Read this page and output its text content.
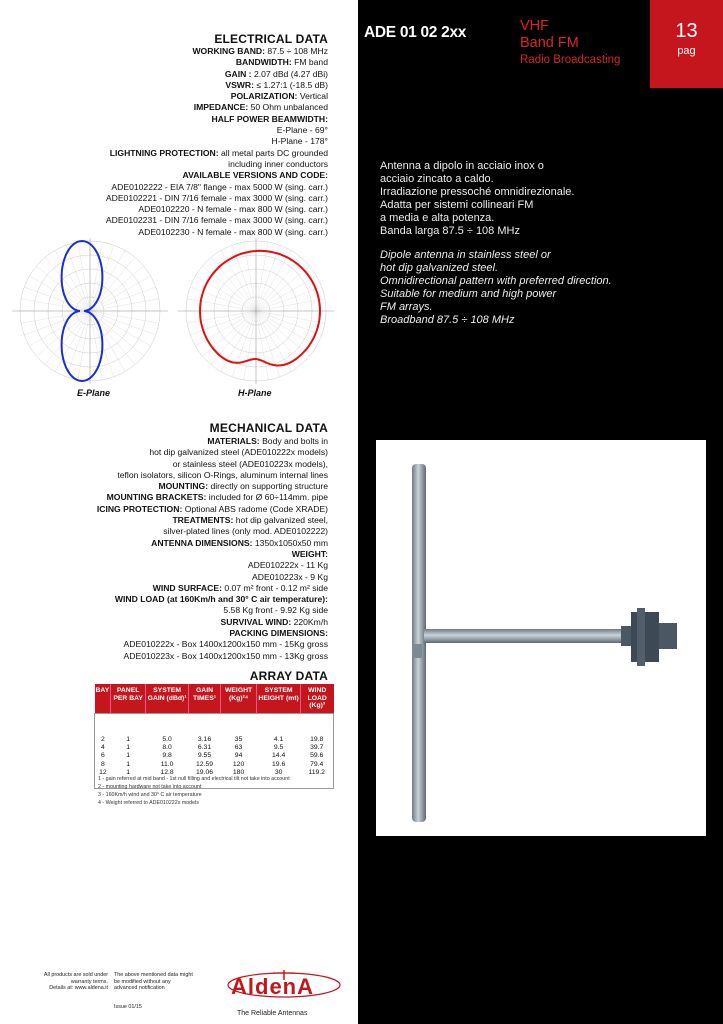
ELECTRICAL DATA
WORKING BAND: 87.5 ÷ 108 MHz
BANDWIDTH: FM band
GAIN : 2.07 dBd (4.27 dBi)
VSWR: ≤ 1.27:1 (-18.5 dB)
POLARIZATION: Vertical
IMPEDANCE: 50 Ohm unbalanced
HALF POWER BEAMWIDTH:
E-Plane - 69°
H-Plane - 178°
LIGHTNING PROTECTION: all metal parts DC grounded
including inner conductors
AVAILABLE VERSIONS AND CODE:
ADE0102222 - EIA 7/8" flange - max 5000 W (sing. carr.)
ADE0102221 - DIN 7/16 female - max 3000 W (sing. carr.)
ADE0102220 - N female - max 800 W (sing. carr.)
ADE0102231 - DIN 7/16 female - max 3000 W (sing. carr.)
ADE0102230 - N female - max 800 W (sing. carr.)
E-Plane	H-Plane
MECHANICAL DATA
MATERIALS: Body and bolts in
hot dip galvanized steel (ADE010222x models)
or stainless steel (ADE010223x models),
teflon isolators, silicon O-Rings, aluminum internal lines
MOUNTING: directly on supporting structure
MOUNTING BRACKETS: included for Ø 60÷114mm. pipe
ICING PROTECTION: Optional ABS radome (Code XRADE)
TREATMENTS: hot dip galvanized steel,
silver-plated lines (only mod. ADE0102222)
ANTENNA DIMENSIONS: 1350x1050x50 mm
WEIGHT:
ADE010222x - 11 Kg
ADE010223x - 9 Kg
WIND SURFACE: 0.07 m² front - 0.12 m² side
WIND LOAD (at 160Km/h and 30° C air temperature):
5.58 Kg front - 9.92 Kg side
SURVIVAL WIND: 220Km/h
PACKING DIMENSIONS:
ADE010222x - Box 1400x1200x150 mm - 15Kg gross
ADE010223x - Box 1400x1200x150 mm - 13Kg gross
ARRAY DATA
BAY	PANEL PER BAY	SYSTEM GAIN (dBd)¹	GAIN TIMES¹	WEIGHT (Kg)²⁴	SYSTEM HEIGHT (mt)	WIND LOAD (Kg)³
2	1	5.0	3.16	35	4.1	19.8
4	1	8.0	6.31	63	9.5	39.7
6	1	9.8	9.55	94	14.4	59.6
8	1	11.0	12.59	120	19.6	79.4
12	1	12.8	19.06	180	30	119.2
1 - gain referred at mid band - 1st null filling and electrical tilt not take into account
2 - mounting hardware not take into account
3 - 160Km/h wind and 30° C air temperature
4 - Weight referred to ADE010222x models
All products are sold under
warranty terms.
Details at: www.aldena.it
The above mentioned data might
be modified without any
advanced notification
Issue 01/15
AldenA
The Reliable Antennas
ADE 01 02 2xx	VHF
Band FM
Radio Broadcasting
13
pag
Antenna a dipolo in acciaio inox o
acciaio zincato a caldo.
Irradiazione pressoché omnidirezionale.
Adatta per sistemi collineari FM
a media e alta potenza.
Banda larga 87.5 ÷ 108 MHz
Dipole antenna in stainless steel or
hot dip galvanized steel.
Omnidirectional pattern with preferred direction.
Suitable for medium and high power
FM arrays.
Broadband 87.5 ÷ 108 MHz
